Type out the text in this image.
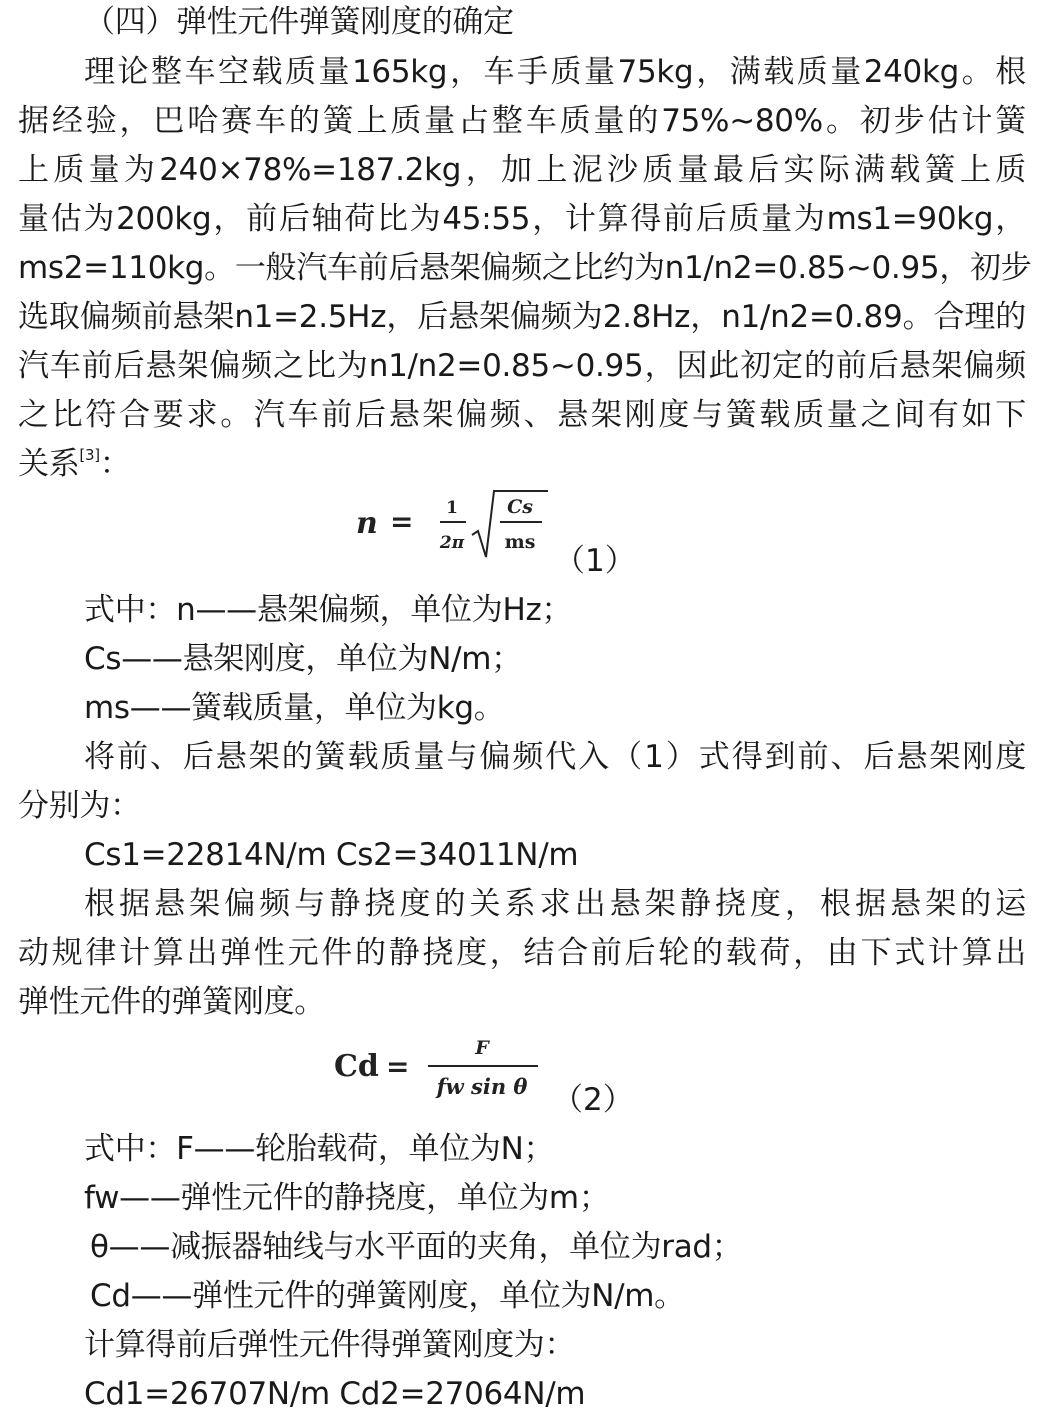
（四）弹性元件弹簧刚度的确定
理论整车空载质量165kg，车手质量75kg，满载质量240kg。根
据经验，巴哈赛车的簧上质量占整车质量的75%~80%。初步估计簧
上质量为240×78%=187.2kg，加上泥沙质量最后实际满载簧上质
量估为200kg，前后轴荷比为45:55，计算得前后质量为ms1=90kg，
ms2=110kg。一般汽车前后悬架偏频之比约为n1/n2=0.85~0.95，初步
选取偏频前悬架n1=2.5Hz，后悬架偏频为2.8Hz，n1/n2=0.89。合理的
汽车前后悬架偏频之比为n1/n2=0.85~0.95，因此初定的前后悬架偏频
之比符合要求。汽车前后悬架偏频、悬架刚度与簧载质量之间有如下
关系[3]：
n = 1
2π
Cs
ms
（1）
式中：n——悬架偏频，单位为Hz；
Cs——悬架刚度，单位为N/m；
ms——簧载质量，单位为kg。
将前、后悬架的簧载质量与偏频代入（1）式得到前、后悬架刚度
分别为：
Cs1=22814N/m Cs2=34011N/m
根据悬架偏频与静挠度的关系求出悬架静挠度，根据悬架的运
动规律计算出弹性元件的静挠度，结合前后轮的载荷，由下式计算出
弹性元件的弹簧刚度。
Cd =
F
fw sin θ （2）
式中：F——轮胎载荷，单位为N；
fw——弹性元件的静挠度，单位为m；
θ——减振器轴线与水平面的夹角，单位为rad；
Cd——弹性元件的弹簧刚度，单位为N/m。
计算得前后弹性元件得弹簧刚度为：
Cd1=26707N/m Cd2=27064N/m
